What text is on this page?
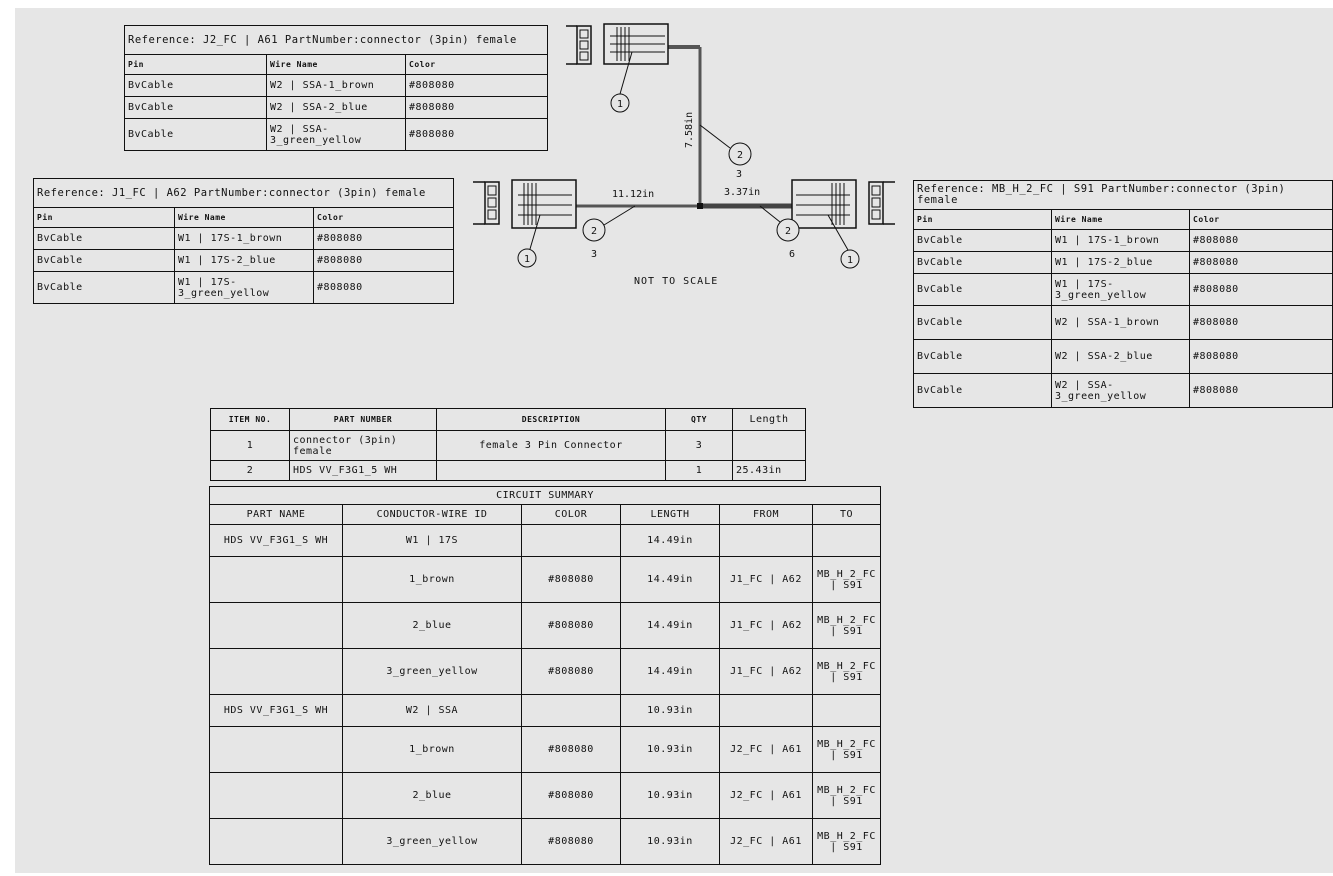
1
1	1
2
2	2
7.58in
11.12in	3.37in
3
3	6
NOT TO SCALE
Reference: J2_FC | A61 PartNumber:connector (3pin) female		
Pin	Wire Name	Color
BvCable	W2 | SSA-1_brown	#808080
BvCable	W2 | SSA-2_blue	#808080
BvCable	W2 | SSA-3_green_yellow	#808080
Reference: J1_FC | A62 PartNumber:connector (3pin) female		
Pin	Wire Name	Color
BvCable	W1 | 17S-1_brown	#808080
BvCable	W1 | 17S-2_blue	#808080
BvCable	W1 | 17S-3_green_yellow	#808080
Reference: MB_H_2_FC | S91 PartNumber:connector (3pin) female		
Pin	Wire Name	Color
BvCable	W1 | 17S-1_brown	#808080
BvCable	W1 | 17S-2_blue	#808080
BvCable	W1 | 17S-3_green_yellow	#808080
BvCable	W2 | SSA-1_brown	#808080
BvCable	W2 | SSA-2_blue	#808080
BvCable	W2 | SSA-3_green_yellow	#808080
ITEM NO.	PART NUMBER	DESCRIPTION	QTY	Length
1	connector (3pin) female	female 3 Pin Connector	3	
2	HDS VV_F3G1_5 WH		1	25.43in
CIRCUIT SUMMARY					
PART NAME	CONDUCTOR-WIRE ID	COLOR	LENGTH	FROM	TO
HDS VV_F3G1_S WH	W1 | 17S		14.49in		
	1_brown	#808080	14.49in	J1_FC | A62	MB_H_2_FC | S91
	2_blue	#808080	14.49in	J1_FC | A62	MB_H_2_FC | S91
	3_green_yellow	#808080	14.49in	J1_FC | A62	MB_H_2_FC | S91
HDS VV_F3G1_S WH	W2 | SSA		10.93in		
	1_brown	#808080	10.93in	J2_FC | A61	MB_H_2_FC | S91
	2_blue	#808080	10.93in	J2_FC | A61	MB_H_2_FC | S91
	3_green_yellow	#808080	10.93in	J2_FC | A61	MB_H_2_FC | S91
